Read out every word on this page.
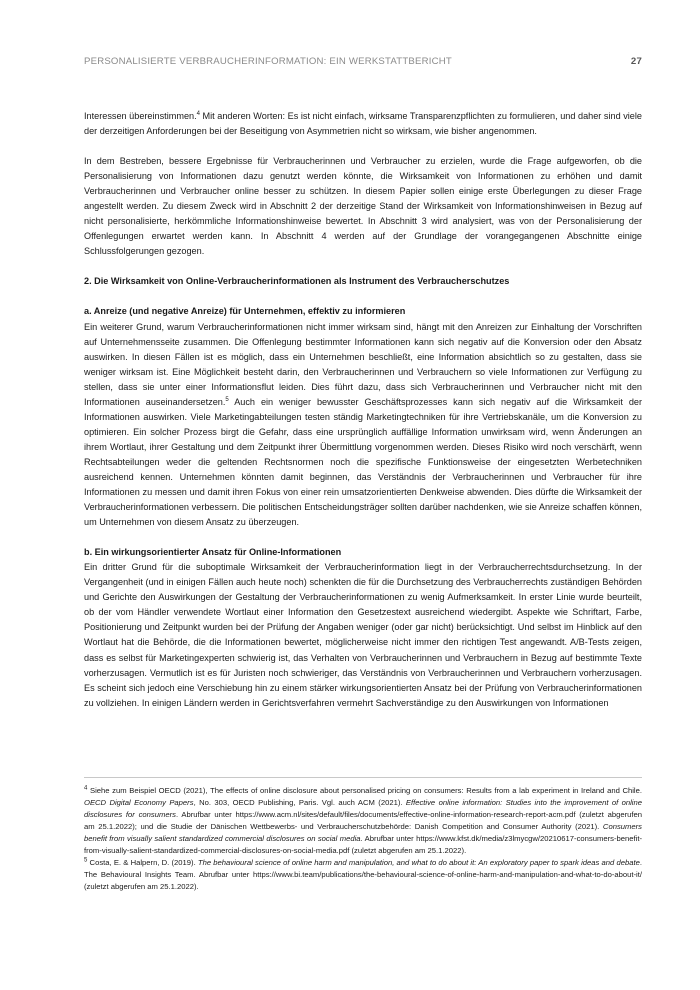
PERSONALISIERTE VERBRAUCHERINFORMATION: EIN WERKSTATTBERICHT	27

Interessen übereinstimmen.$^4$ Mit anderen Worten: Es ist nicht einfach, wirksame Transparenzpflichten zu formulieren, und daher sind viele der derzeitigen Anforderungen bei der Beseitigung von Asymmetrien nicht so wirksam, wie bisher angenommen.

In dem Bestreben, bessere Ergebnisse für Verbraucherinnen und Verbraucher zu erzielen, wurde die Frage aufgeworfen, ob die Personalisierung von Informationen dazu genutzt werden könnte, die Wirksamkeit von Informationen zu erhöhen und damit Verbraucherinnen und Verbraucher online besser zu schützen. In diesem Papier sollen einige erste Überlegungen zu dieser Frage angestellt werden. Zu diesem Zweck wird in Abschnitt 2 der derzeitige Stand der Wirksamkeit von Informationshinweisen in Bezug auf nicht personalisierte, herkömmliche Informationshinweise bewertet. In Abschnitt 3 wird analysiert, was von der Personalisierung der Offenlegungen erwartet werden kann. In Abschnitt 4 werden auf der Grundlage der vorangegangenen Abschnitte einige Schlussfolgerungen gezogen.

2. Die Wirksamkeit von Online-Verbraucherinformationen als Instrument des Verbraucherschutzes

a. Anreize (und negative Anreize) für Unternehmen, effektiv zu informieren

Ein weiterer Grund, warum Verbraucherinformationen nicht immer wirksam sind, hängt mit den Anreizen zur Einhaltung der Vorschriften auf Unternehmensseite zusammen. Die Offenlegung bestimmter Informationen kann sich negativ auf die Konversion oder den Absatz auswirken. In diesen Fällen ist es möglich, dass ein Unternehmen beschließt, eine Information absichtlich so zu gestalten, dass sie weniger wirksam ist. Eine Möglichkeit besteht darin, den Verbraucherinnen und Verbrauchern so viele Informationen zur Verfügung zu stellen, dass sie unter einer Informationsflut leiden. Dies führt dazu, dass sich Verbraucherinnen und Verbraucher nicht mit den Informationen auseinandersetzen.$^5$ Auch ein weniger bewusster Geschäftsprozesses kann sich negativ auf die Wirksamkeit der Informationen auswirken. Viele Marketingabteilungen testen ständig Marketingtechniken für ihre Vertriebskanäle, um die Konversion zu optimieren. Ein solcher Prozess birgt die Gefahr, dass eine ursprünglich auffällige Information unwirksam wird, wenn Änderungen an ihrem Wortlaut, ihrer Gestaltung und dem Zeitpunkt ihrer Übermittlung vorgenommen werden. Dieses Risiko wird noch verschärft, wenn Rechtsabteilungen weder die geltenden Rechtsnormen noch die spezifische Funktionsweise der eingesetzten Werbetechniken ausreichend kennen. Unternehmen könnten damit beginnen, das Verständnis der Verbraucherinnen und Verbraucher für ihre Informationen zu messen und damit ihren Fokus von einer rein umsatzorientierten Denkweise abwenden. Dies dürfte die Wirksamkeit der Verbraucherinformationen verbessern. Die politischen Entscheidungsträger sollten darüber nachdenken, wie sie Anreize schaffen können, um Unternehmen von diesem Ansatz zu überzeugen.

b. Ein wirkungsorientierter Ansatz für Online-Informationen

Ein dritter Grund für die suboptimale Wirksamkeit der Verbraucherinformation liegt in der Verbraucherrechtsdurchsetzung. In der Vergangenheit (und in einigen Fällen auch heute noch) schenkten die für die Durchsetzung des Verbraucherrechts zuständigen Behörden und Gerichte den Auswirkungen der Gestaltung der Verbraucherinformationen zu wenig Aufmerksamkeit. In erster Linie wurde beurteilt, ob der vom Händler verwendete Wortlaut einer Information den Gesetzestext ausreichend wiedergibt. Aspekte wie Schriftart, Farbe, Positionierung und Zeitpunkt wurden bei der Prüfung der Angaben weniger (oder gar nicht) berücksichtigt. Und selbst im Hinblick auf den Wortlaut hat die Behörde, die die Informationen bewertet, möglicherweise nicht immer den richtigen Test angewandt. A/B-Tests zeigen, dass es selbst für Marketingexperten schwierig ist, das Verhalten von Verbraucherinnen und Verbrauchern in Bezug auf bestimmte Texte vorherzusagen. Vermutlich ist es für Juristen noch schwieriger, das Verständnis von Verbraucherinnen und Verbrauchern vorherzusagen. Es scheint sich jedoch eine Verschiebung hin zu einem stärker wirkungsorientierten Ansatz bei der Prüfung von Verbraucherinformationen zu vollziehen. In einigen Ländern werden in Gerichtsverfahren vermehrt Sachverständige zu den Auswirkungen von Informationen

$^4$ Siehe zum Beispiel OECD (2021), The effects of online disclosure about personalised pricing on consumers: Results from a lab experiment in Ireland and Chile. OECD Digital Economy Papers, No. 303, OECD Publishing, Paris. Vgl. auch ACM (2021). Effective online information: Studies into the improvement of online disclosures for consumers. Abrufbar unter https://www.acm.nl/sites/default/files/documents/effective-online-information-research-report-acm.pdf (zuletzt abgerufen am 25.1.2022); und die Studie der Dänischen Wettbewerbs- und Verbraucherschutzbehörde: Danish Competition and Consumer Authority (2021). Consumers benefit from visually salient standardized commercial disclosures on social media. Abrufbar unter https://www.kfst.dk/media/z3lmycgw/20210617-consumers-benefit-from-visually-salient-standardized-commercial-disclosures-on-social-media.pdf (zuletzt abgerufen am 25.1.2022).

$^5$ Costa, E. & Halpern, D. (2019). The behavioural science of online harm and manipulation, and what to do about it: An exploratory paper to spark ideas and debate. The Behavioural Insights Team. Abrufbar unter https://www.bi.team/publications/the-behavioural-science-of-online-harm-and-manipulation-and-what-to-do-about-it/ (zuletzt abgerufen am 25.1.2022).
